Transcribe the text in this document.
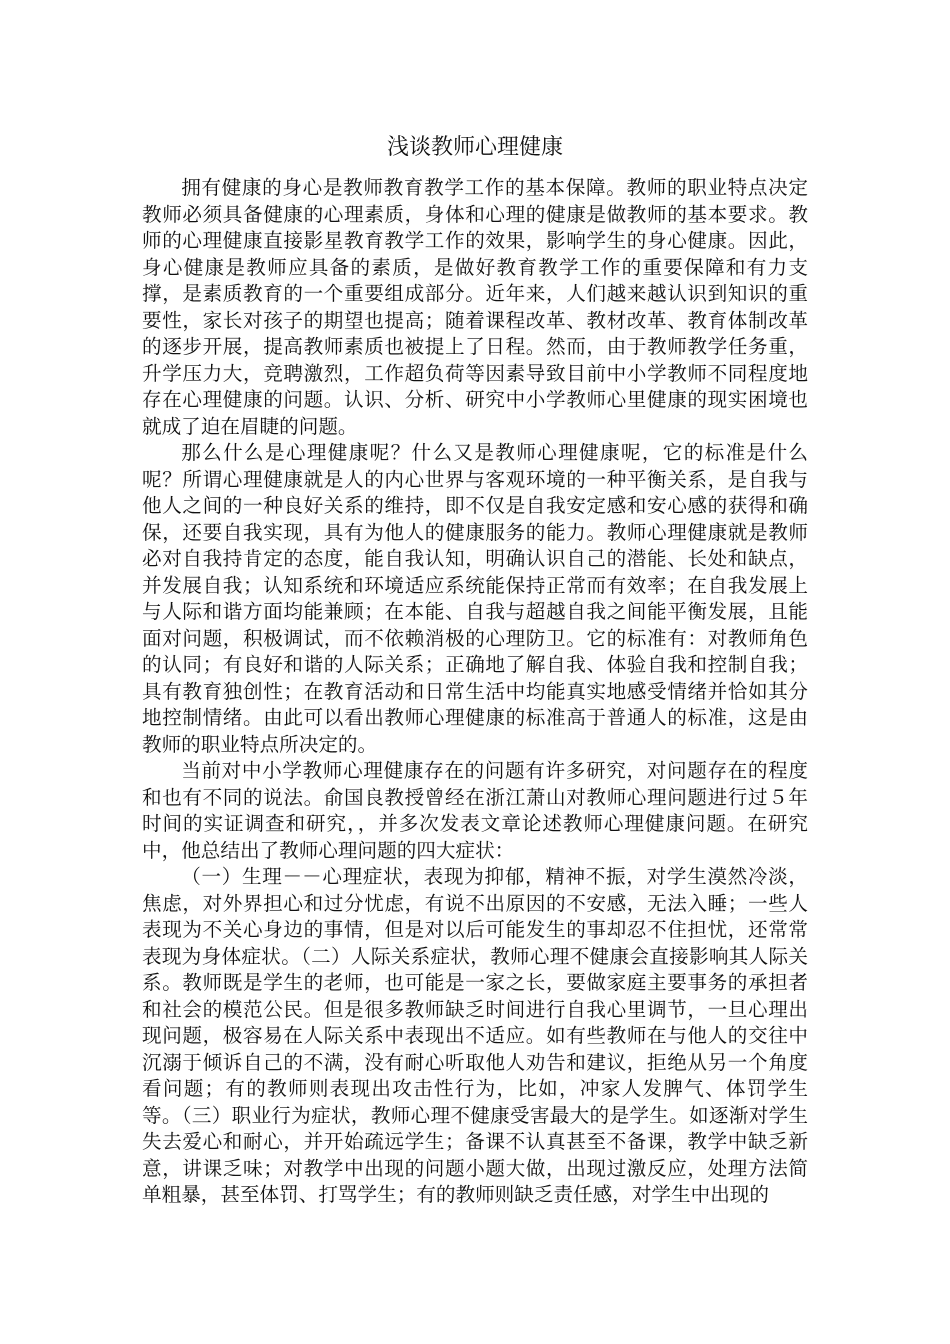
浅谈教师心理健康

拥有健康的身心是教师教育教学工作的基本保障。教师的职业特点决定教师必须具备健康的心理素质，身体和心理的健康是做教师的基本要求。教师的心理健康直接影星教育教学工作的效果，影响学生的身心健康。因此，身心健康是教师应具备的素质，是做好教育教学工作的重要保障和有力支撑，是素质教育的一个重要组成部分。近年来，人们越来越认识到知识的重要性，家长对孩子的期望也提高；随着课程改革、教材改革、教育体制改革的逐步开展，提高教师素质也被提上了日程。然而，由于教师教学任务重，升学压力大，竞聘激烈，工作超负荷等因素导致目前中小学教师不同程度地存在心理健康的问题。认识、分析、研究中小学教师心里健康的现实困境也就成了迫在眉睫的问题。

那么什么是心理健康呢？什么又是教师心理健康呢，它的标准是什么呢？所谓心理健康就是人的内心世界与客观环境的一种平衡关系，是自我与他人之间的一种良好关系的维持，即不仅是自我安定感和安心感的获得和确保，还要自我实现，具有为他人的健康服务的能力。教师心理健康就是教师必对自我持肯定的态度，能自我认知，明确认识自己的潜能、长处和缺点，并发展自我；认知系统和环境适应系统能保持正常而有效率；在自我发展上与人际和谐方面均能兼顾；在本能、自我与超越自我之间能平衡发展，且能面对问题，积极调试，而不依赖消极的心理防卫。它的标准有：对教师角色的认同；有良好和谐的人际关系；正确地了解自我、体验自我和控制自我；具有教育独创性；在教育活动和日常生活中均能真实地感受情绪并恰如其分地控制情绪。由此可以看出教师心理健康的标准高于普通人的标准，这是由教师的职业特点所决定的。

当前对中小学教师心理健康存在的问题有许多研究，对问题存在的程度和也有不同的说法。俞国良教授曾经在浙江萧山对教师心理问题进行过５年时间的实证调查和研究，，并多次发表文章论述教师心理健康问题。在研究中，他总结出了教师心理问题的四大症状：

（一）生理－－心理症状，表现为抑郁，精神不振，对学生漠然冷淡，焦虑，对外界担心和过分忧虑，有说不出原因的不安感，无法入睡；一些人表现为不关心身边的事情，但是对以后可能发生的事却忍不住担忧，还常常表现为身体症状。（二）人际关系症状，教师心理不健康会直接影响其人际关系。教师既是学生的老师，也可能是一家之长，要做家庭主要事务的承担者和社会的模范公民。但是很多教师缺乏时间进行自我心里调节，一旦心理出现问题，极容易在人际关系中表现出不适应。如有些教师在与他人的交往中沉溺于倾诉自己的不满，没有耐心听取他人劝告和建议，拒绝从另一个角度看问题；有的教师则表现出攻击性行为，比如，冲家人发脾气、体罚学生等。（三）职业行为症状，教师心理不健康受害最大的是学生。如逐渐对学生失去爱心和耐心，并开始疏远学生；备课不认真甚至不备课，教学中缺乏新意，讲课乏味；对教学中出现的问题小题大做，出现过激反应，处理方法简单粗暴，甚至体罚、打骂学生；有的教师则缺乏责任感，对学生中出现的
